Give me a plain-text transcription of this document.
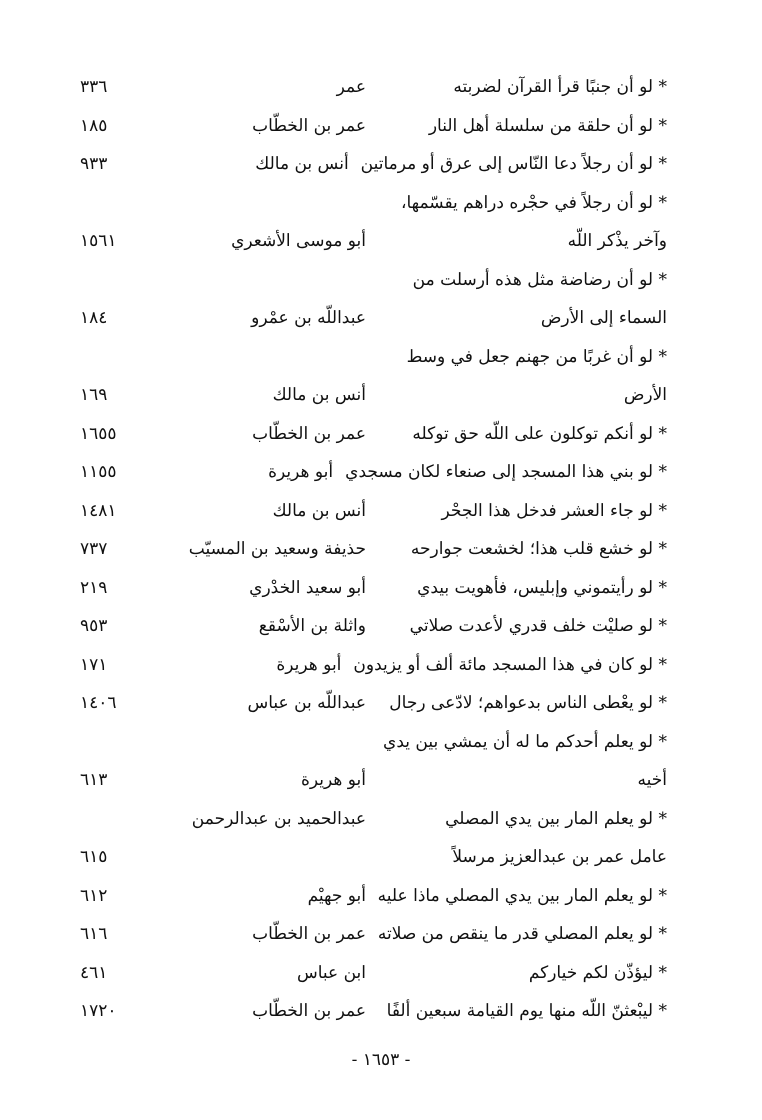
* لو أن جنبًا قرأ القرآن لضربته
عمر
٣٣٦
* لو أن حلقة من سلسلة أهل النار
عمر بن الخطّاب
١٨٥
* لو أن رجلاً دعا النّاس إلى عرق أو مرماتين
أنس بن مالك
٩٣٣
* لو أن رجلاً في حجْره دراهم يقسّمها،
وآخر يذْكر اللّه
أبو موسى الأشعري
١٥٦١
* لو أن رضاضة مثل هذه أرسلت من
السماء إلى الأرض
عبداللّه بن عمْرو
١٨٤
* لو أن غربًا من جهنم جعل في وسط
الأرض
أنس بن مالك
١٦٩
* لو أنكم توكلون على اللّه حق توكله
عمر بن الخطّاب
١٦٥٥
* لو بني هذا المسجد إلى صنعاء لكان مسجدي
أبو هريرة
١١٥٥
* لو جاء العشر فدخل هذا الجحْر
أنس بن مالك
١٤٨١
* لو خشع قلب هذا؛ لخشعت جوارحه
حذيفة وسعيد بن المسيّب
٧٣٧
* لو رأيتموني وإبليس، فأهويت بيدي
أبو سعيد الخدْري
٢١٩
* لو صليْت خلف قدري لأعدت صلاتي
واثلة بن الأسْقع
٩٥٣
* لو كان في هذا المسجد مائة ألف أو يزيدون
أبو هريرة
١٧١
* لو يعْطى الناس بدعواهم؛ لادّعى رجال
عبداللّه بن عباس
١٤٠٦
* لو يعلم أحدكم ما له أن يمشي بين يدي
أخيه
أبو هريرة
٦١٣
* لو يعلم المار بين يدي المصلي
عبدالحميد بن عبدالرحمن
عامل عمر بن عبدالعزيز مرسلاً
٦١٥
* لو يعلم المار بين يدي المصلي ماذا عليه
أبو جهيْم
٦١٢
* لو يعلم المصلي قدر ما ينقص من صلاته
عمر بن الخطّاب
٦١٦
* ليؤذّن لكم خياركم
ابن عباس
٤٦١
* ليبْعثنّ اللّه منها يوم القيامة سبعين ألفًا
عمر بن الخطّاب
١٧٢٠
- ١٦٥٣ -
